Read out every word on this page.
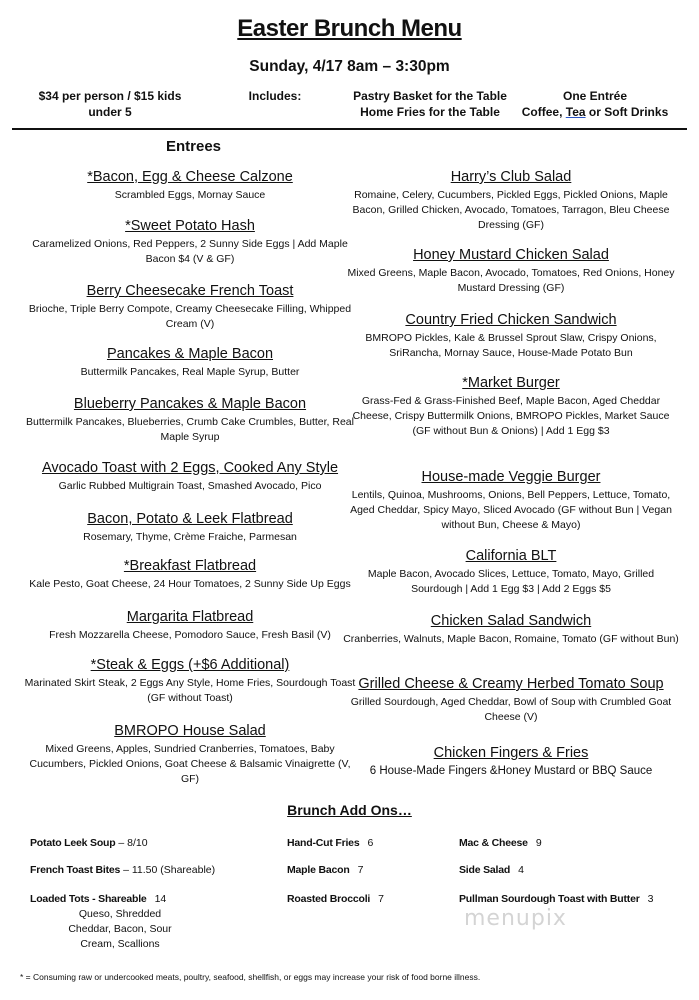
Easter Brunch Menu
Sunday, 4/17 8am – 3:30pm
$34 per person / $15 kids under 5
Includes:	Pastry Basket for the Table
Home Fries for the Table
One Entrée
Coffee, Tea or Soft Drinks
Entrees
*Bacon, Egg & Cheese Calzone
Scrambled Eggs, Mornay Sauce
*Sweet Potato Hash
Caramelized Onions, Red Peppers, 2 Sunny Side Eggs | Add Maple Bacon $4 (V & GF)
Berry Cheesecake French Toast
Brioche, Triple Berry Compote, Creamy Cheesecake Filling, Whipped Cream (V)
Pancakes & Maple Bacon
Buttermilk Pancakes, Real Maple Syrup, Butter
Blueberry Pancakes & Maple Bacon
Buttermilk Pancakes, Blueberries, Crumb Cake Crumbles, Butter, Real Maple Syrup
Avocado Toast with 2 Eggs, Cooked Any Style
Garlic Rubbed Multigrain Toast, Smashed Avocado, Pico
Bacon, Potato & Leek Flatbread
Rosemary, Thyme, Crème Fraiche, Parmesan
*Breakfast Flatbread
Kale Pesto, Goat Cheese, 24 Hour Tomatoes, 2 Sunny Side Up Eggs
Margarita Flatbread
Fresh Mozzarella Cheese, Pomodoro Sauce, Fresh Basil (V)
*Steak & Eggs (+$6 Additional)
Marinated Skirt Steak, 2 Eggs Any Style, Home Fries, Sourdough Toast (GF without Toast)
BMROPO House Salad
Mixed Greens, Apples, Sundried Cranberries, Tomatoes, Baby Cucumbers, Pickled Onions, Goat Cheese & Balsamic Vinaigrette (V, GF)
Harry’s Club Salad
Romaine, Celery, Cucumbers, Pickled Eggs, Pickled Onions, Maple Bacon, Grilled Chicken, Avocado, Tomatoes, Tarragon, Bleu Cheese Dressing (GF)
Honey Mustard Chicken Salad
Mixed Greens, Maple Bacon, Avocado, Tomatoes, Red Onions, Honey Mustard Dressing (GF)
Country Fried Chicken Sandwich
BMROPO Pickles, Kale & Brussel Sprout Slaw, Crispy Onions, SriRancha, Mornay Sauce, House-Made Potato Bun
*Market Burger
Grass-Fed & Grass-Finished Beef, Maple Bacon, Aged Cheddar Cheese, Crispy Buttermilk Onions, BMROPO Pickles, Market Sauce (GF without Bun & Onions) | Add 1 Egg $3
House-made Veggie Burger
Lentils, Quinoa, Mushrooms, Onions, Bell Peppers, Lettuce, Tomato, Aged Cheddar, Spicy Mayo, Sliced Avocado (GF without Bun | Vegan without Bun, Cheese & Mayo)
California BLT
Maple Bacon, Avocado Slices, Lettuce, Tomato, Mayo, Grilled Sourdough | Add 1 Egg $3 | Add 2 Eggs $5
Chicken Salad Sandwich
Cranberries, Walnuts, Maple Bacon, Romaine, Tomato (GF without Bun)
Grilled Cheese & Creamy Herbed Tomato Soup
Grilled Sourdough, Aged Cheddar, Bowl of Soup with Crumbled Goat Cheese (V)
Chicken Fingers & Fries
6 House-Made Fingers &Honey Mustard or BBQ Sauce
Brunch Add Ons…
Potato Leek Soup – 8/10
French Toast Bites – 11.50 (Shareable)
Loaded Tots - Shareable 14
Queso, Shredded Cheddar, Bacon, Sour Cream, Scallions
Hand-Cut Fries 6
Maple Bacon 7
Roasted Broccoli 7
Mac & Cheese 9
Side Salad 4
Pullman Sourdough Toast with Butter 3
menupix
* = Consuming raw or undercooked meats, poultry, seafood, shellfish, or eggs may increase your risk of food borne illness.
